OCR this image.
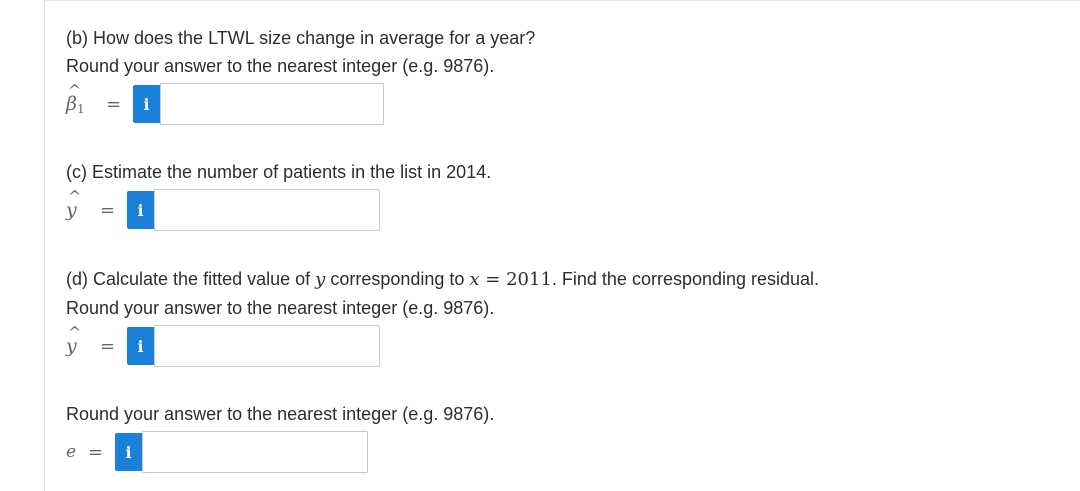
(b) How does the LTWL size change in average for a year?
Round your answer to the nearest integer (e.g. 9876).
^ $\beta_1$	=	i
(c) Estimate the number of patients in the list in 2014.
^ y	=	i
(d) Calculate the fitted value of y corresponding to x = 2011. Find the corresponding residual.
Round your answer to the nearest integer (e.g. 9876).
^ y	=	i
Round your answer to the nearest integer (e.g. 9876).
e =	i
